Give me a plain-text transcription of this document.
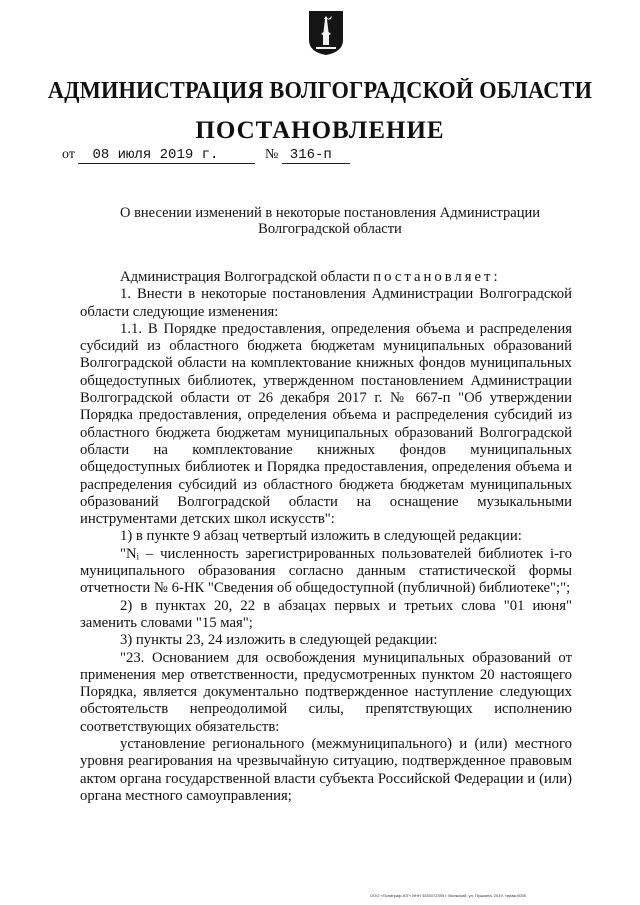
АДМИНИСТРАЦИЯ ВОЛГОГРАДСКОЙ ОБЛАСТИ
ПОСТАНОВЛЕНИЕ
от 08 июля 2019 г.	№ 316-п
О внесении изменений в некоторые постановления Администрации Волгоградской области

Администрация Волгоградской области постановляет:

1. Внести в некоторые постановления Администрации Волгоградской области следующие изменения:

1.1. В Порядке предоставления, определения объема и распределения субсидий из областного бюджета бюджетам муниципальных образований Волгоградской области на комплектование книжных фондов муниципальных общедоступных библиотек, утвержденном постановлением Администрации Волгоградской области от 26 декабря 2017 г. № 667-п "Об утверждении Порядка предоставления, определения объема и распределения субсидий из областного бюджета бюджетам муниципальных образований Волгоградской области на комплектование книжных фондов муниципальных общедоступных библиотек и Порядка предоставления, определения объема и распределения субсидий из областного бюджета бюджетам муниципальных образований Волгоградской области на оснащение музыкальными инструментами детских школ искусств":

1) в пункте 9 абзац четвертый изложить в следующей редакции:

"Nᵢ – численность зарегистрированных пользователей библиотек i-го муниципального образования согласно данным статистической формы отчетности № 6-НК "Сведения об общедоступной (публичной) библиотеке";";

2) в пунктах 20, 22 в абзацах первых и третьих слова "01 июня" заменить словами "15 мая";

3) пункты 23, 24 изложить в следующей редакции:

"23. Основанием для освобождения муниципальных образований от применения мер ответственности, предусмотренных пунктом 20 настоящего Порядка, является документально подтвержденное наступление следующих обстоятельств непреодолимой силы, препятствующих исполнению соответствующих обязательств:

установление регионального (межмуниципального) и (или) местного уровня реагирования на чрезвычайную ситуацию, подтвержденное правовым актом органа государственной власти субъекта Российской Федерации и (или) органа местного самоуправления;

ООО «Полиграф-ЮГ» ИНН 3435072395 г. Волжский, ул. Пушкина, 2019, тираж 6000
